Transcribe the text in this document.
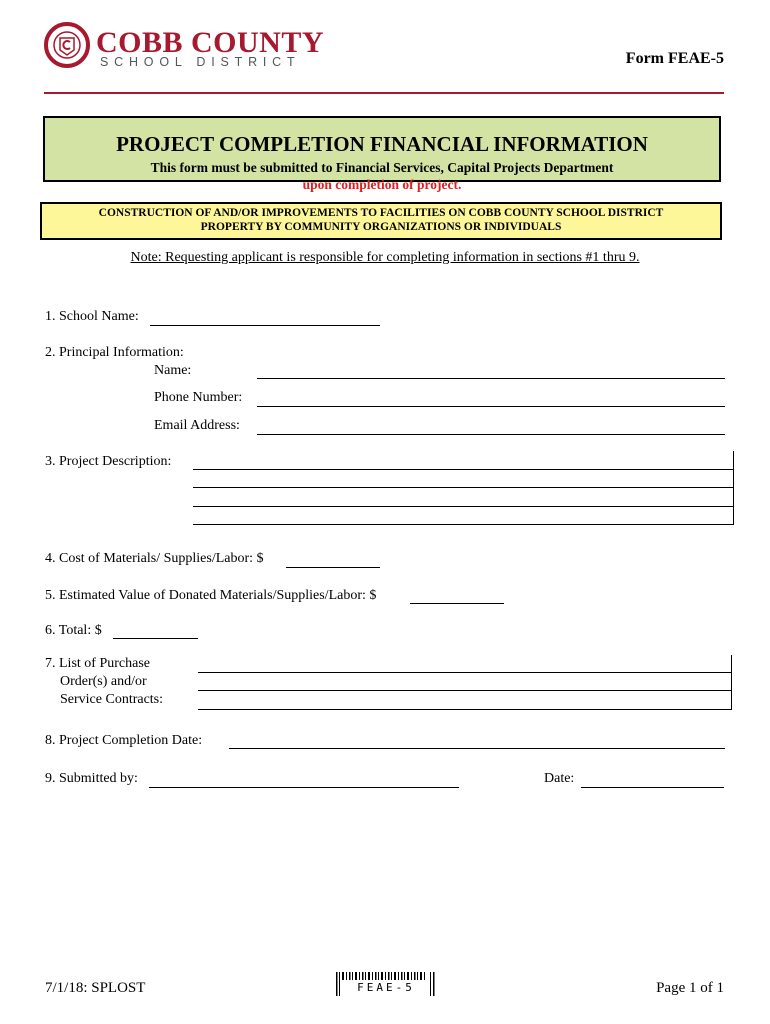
COBB COUNTY
SCHOOL DISTRICT	Form FEAE-5
PROJECT COMPLETION FINANCIAL INFORMATION
This form must be submitted to Financial Services, Capital Projects Department
upon completion of project.
CONSTRUCTION OF AND/OR IMPROVEMENTS TO FACILITIES ON COBB COUNTY SCHOOL DISTRICT
PROPERTY BY COMMUNITY ORGANIZATIONS OR INDIVIDUALS
Note: Requesting applicant is responsible for completing information in sections #1 thru 9.
1. School Name:
2. Principal Information:
Name:
Phone Number:
Email Address:
3. Project Description:
4. Cost of Materials/ Supplies/Labor: $
5. Estimated Value of Donated Materials/Supplies/Labor: $
6. Total: $
7. List of Purchase
Order(s) and/or
Service Contracts:
8. Project Completion Date:
9. Submitted by:	Date:
7/1/18: SPLOST	FEAE-5	Page 1 of 1
